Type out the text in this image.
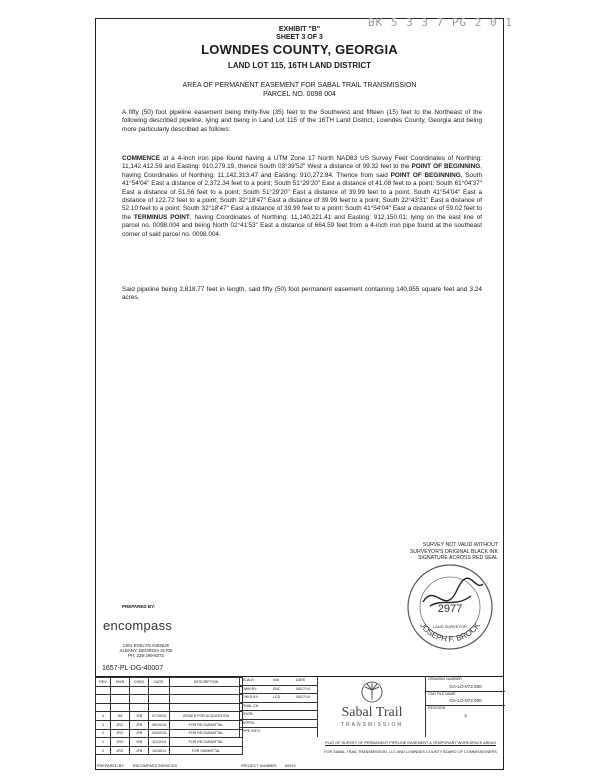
BK 5 3 3 7 PG 2 0 1
EXHIBIT "B"
SHEET 3 OF 3
LOWNDES COUNTY, GEORGIA
LAND LOT 115, 16TH LAND DISTRICT
AREA OF PERMANENT EASEMENT FOR SABAL TRAIL TRANSMISSION
PARCEL NO. 0098 004
A fifty (50) foot pipeline easement being thirty-five (35) feet to the Southwest and fifteen (15) feet to the Northeast of the following described pipeline, lying and being in Land Lot 115 of the 16TH Land District, Lowndes County, Georgia and being more particularly described as follows:
COMMENCE at a 4-inch iron pipe found having a UTM Zone 17 North NAD83 US Survey Feet Coordinates of Northing: 11,142,412.59 and Easting: 910,279.19, thence South 03°39'52" West a distance of 99.32 feet to the POINT OF BEGINNING, having Coordinates of Northing: 11,142,313.47 and Easting: 910,272.84. Thence from said POINT OF BEGINNING, South 41°54'04" East a distance of 2,372.34 feet to a point; South 51°29'20" East a distance of 41.08 feet to a point; South 61°04'37" East a distance of 51.56 feet to a point; South 51°29'20" East a distance of 39.99 feet to a point; South 41°54'04" East a distance of 122.72 feet to a point; South 32°18'47" East a distance of 39.99 feet to a point; South 22°43'31" East a distance of 52.10 feet to a point; South 32°18'47" East a distance of 39.99 feet to a point; South 41°54'04" East a distance of 59.02 feet to the TERMINUS POINT, having Coordinates of Northing: 11,140,221.41 and Easting: 912,150.01; lying on the east line of parcel no. 0098.004 and being North 02°41'53" East a distance of 664.59 feet from a 4-inch iron pipe found at the southeast corner of said parcel no. 0098.004.
Said pipeline being 2,818.77 feet in length, said fifty (50) foot permanent easement containing 140,955 square feet and 3.24 acres.
SURVEY NOT VALID WITHOUT
SURVEYOR'S ORIGINAL BLACK INK
SIGNATURE ACROSS RED SEAL
2977
JOSEPH F. BROCK
LAND SURVEYOR
PREPARED BY:
encompass
1301 EVELYN AVENUE
ALBANY, GEORGIA 31705
PH: 229-299-8272
1657-PL-DG-40007
REV	DWN	CHKD	DATE	DESCRIPTION

4	JM	JFB	07/15/15	ISSUED FOR ACQUISITION
3	JRC	JFB	06/10/15	FOR RE-SUBMITTAL
2	JRC	JFB	04/02/15	FOR RE-SUBMITTAL
1	JRC	JFB	11/10/14	FOR RE-SUBMITTAL
0	JRC	JFB	10/18/14	FOR SUBMITTAL
SCALE:	N/A	DATE
DWN BY:	ENC	08/27/14
CHKD BY:	LCD	08/27/14
FINAL CK:
ENGR:
APPRV:
PIPE INFO:
Sabal Trail
TRANSMISSION
DRAWING NUMBER
GA-LO-072.000
CAD FILE NAME
GA-LO-072.000
REVISION
4
PLAT OF SURVEY OF PERMANENT PIPELINE EASEMENT & TEMPORARY WORKSPACE AREAS
FOR SABAL TRAIL TRANSMISSION, LLC AND LOWNDES COUNTY BOARD OF COMMISSIONERS
PREPARED BY: ENCOMPASS SERVICES	PROJECT NUMBER: 60975
